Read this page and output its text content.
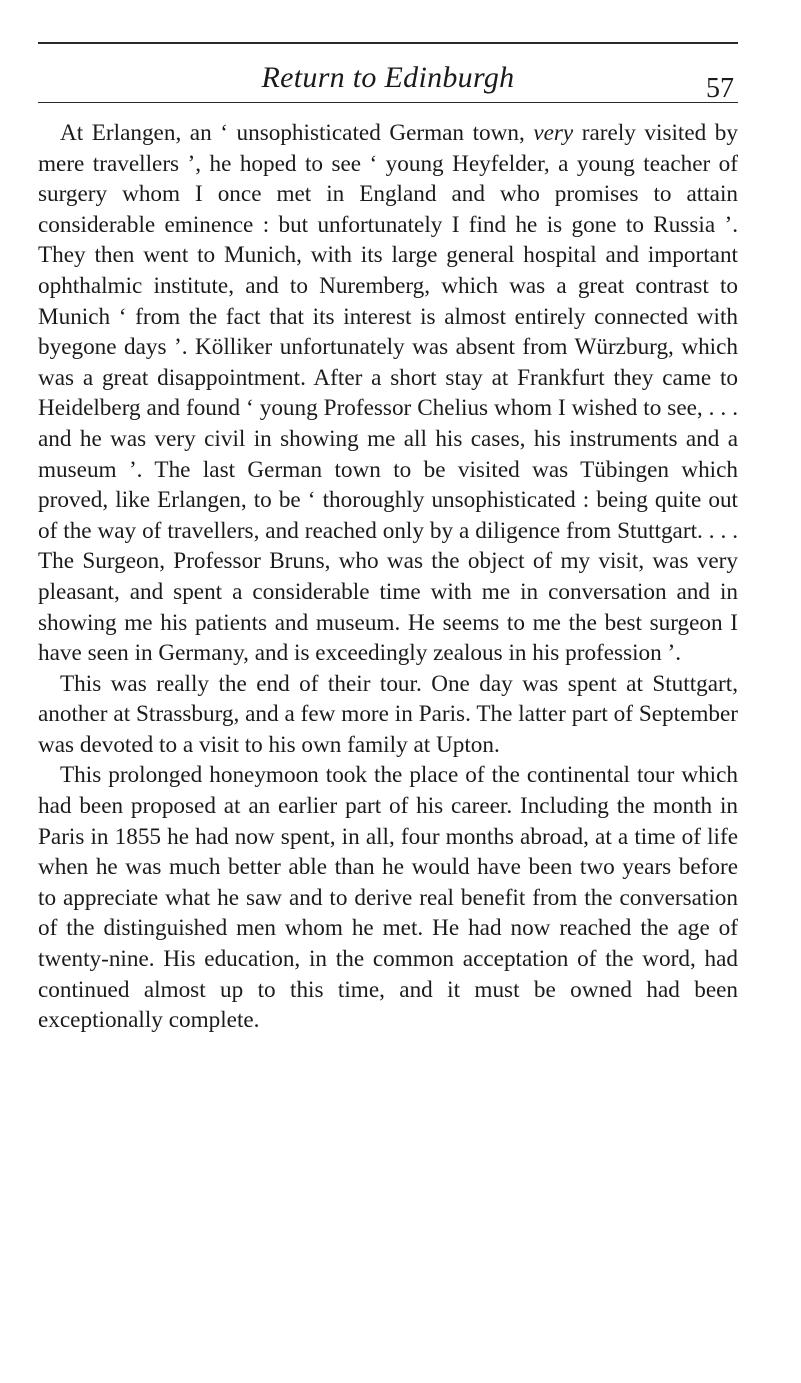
Return to Edinburgh	57

At Erlangen, an ‘ unsophisticated German town, very rarely visited by mere travellers ’, he hoped to see ‘ young Heyfelder, a young teacher of surgery whom I once met in England and who promises to attain considerable eminence : but unfortunately I find he is gone to Russia ’. They then went to Munich, with its large general hospital and important ophthalmic institute, and to Nuremberg, which was a great contrast to Munich ‘ from the fact that its interest is almost entirely connected with byegone days ’. Kölliker unfortunately was absent from Würzburg, which was a great disappointment. After a short stay at Frankfurt they came to Heidelberg and found ‘ young Professor Chelius whom I wished to see, . . . and he was very civil in showing me all his cases, his instruments and a museum ’. The last German town to be visited was Tübingen which proved, like Erlangen, to be ‘ thoroughly unsophisticated : being quite out of the way of travellers, and reached only by a diligence from Stuttgart. . . . The Surgeon, Professor Bruns, who was the object of my visit, was very pleasant, and spent a considerable time with me in conversation and in showing me his patients and museum. He seems to me the best surgeon I have seen in Germany, and is exceedingly zealous in his profession ’.

This was really the end of their tour. One day was spent at Stuttgart, another at Strassburg, and a few more in Paris. The latter part of September was devoted to a visit to his own family at Upton.

This prolonged honeymoon took the place of the continental tour which had been proposed at an earlier part of his career. Including the month in Paris in 1855 he had now spent, in all, four months abroad, at a time of life when he was much better able than he would have been two years before to appreciate what he saw and to derive real benefit from the conversation of the distinguished men whom he met. He had now reached the age of twenty-nine. His education, in the common acceptation of the word, had continued almost up to this time, and it must be owned had been exceptionally complete.
